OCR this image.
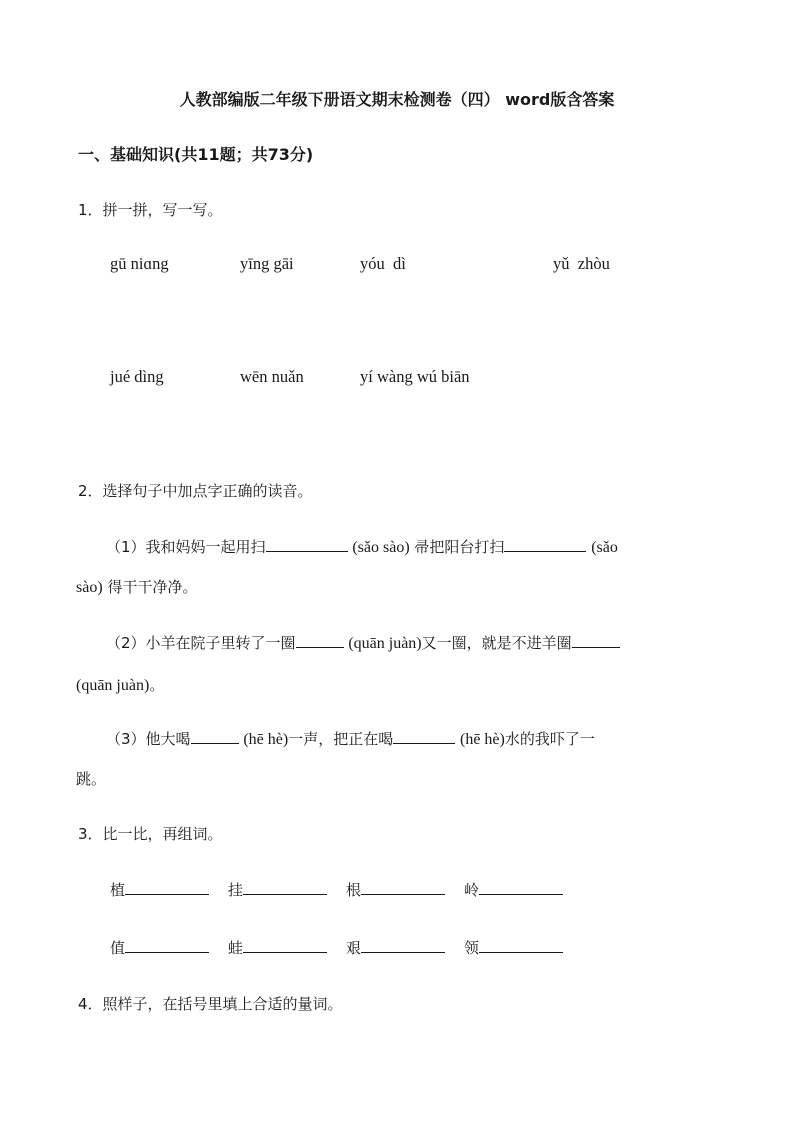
人教部编版二年级下册语文期末检测卷（四） word版含答案
一、基础知识(共11题；共73分)
1．拼一拼，写一写。
gū niɑng	yīng gāi	yóu  dì	yǔ  zhòu
jué dìng	wēn nuǎn	yí wàng wú biān
2．选择句子中加点字正确的读音。
（1）我和妈妈一起用扫	(sǎo sào) 帚把阳台打扫	(sǎo
sào) 得干干净净。
（2）小羊在院子里转了一圈	(quān juàn)又一圈，就是不进羊圈
(quān juàn)。
（3）他大喝	(hē hè)一声，把正在喝	(hē hè)水的我吓了一
跳。
3．比一比，再组词。
植	挂	根	岭
值	蛙	艰	领
4．照样子，在括号里填上合适的量词。
